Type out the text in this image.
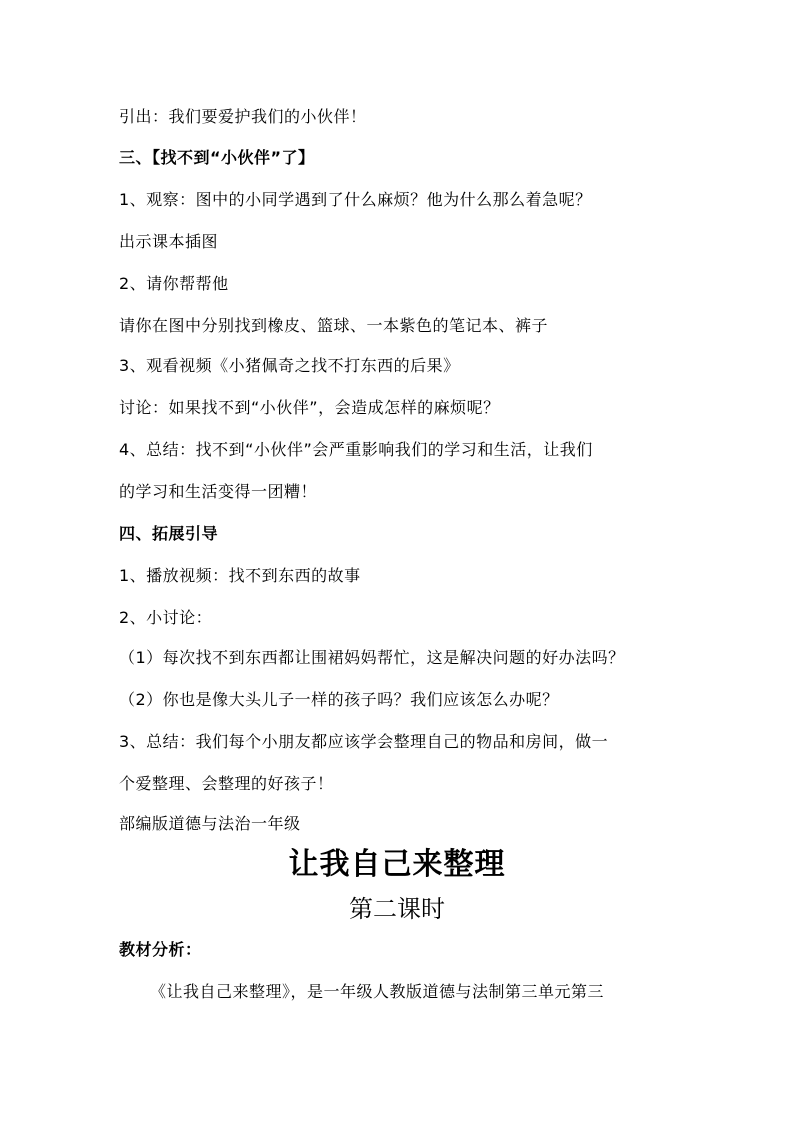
引出：我们要爱护我们的小伙伴！
三、【找不到“小伙伴”了】
1、观察：图中的小同学遇到了什么麻烦？他为什么那么着急呢？
出示课本插图
2、请你帮帮他
请你在图中分别找到橡皮、篮球、一本紫色的笔记本、裤子
3、观看视频《小猪佩奇之找不打东西的后果》
讨论：如果找不到“小伙伴”，会造成怎样的麻烦呢？
4、总结：找不到“小伙伴”会严重影响我们的学习和生活，让我们
的学习和生活变得一团糟！
四、拓展引导
1、播放视频：找不到东西的故事
2、小讨论：
（1）每次找不到东西都让围裙妈妈帮忙，这是解决问题的好办法吗？
（2）你也是像大头儿子一样的孩子吗？我们应该怎么办呢？
3、总结：我们每个小朋友都应该学会整理自己的物品和房间，做一
个爱整理、会整理的好孩子！
部编版道德与法治一年级
让我自己来整理
第二课时
教材分析：
《让我自己来整理》，是一年级人教版道德与法制第三单元第三
